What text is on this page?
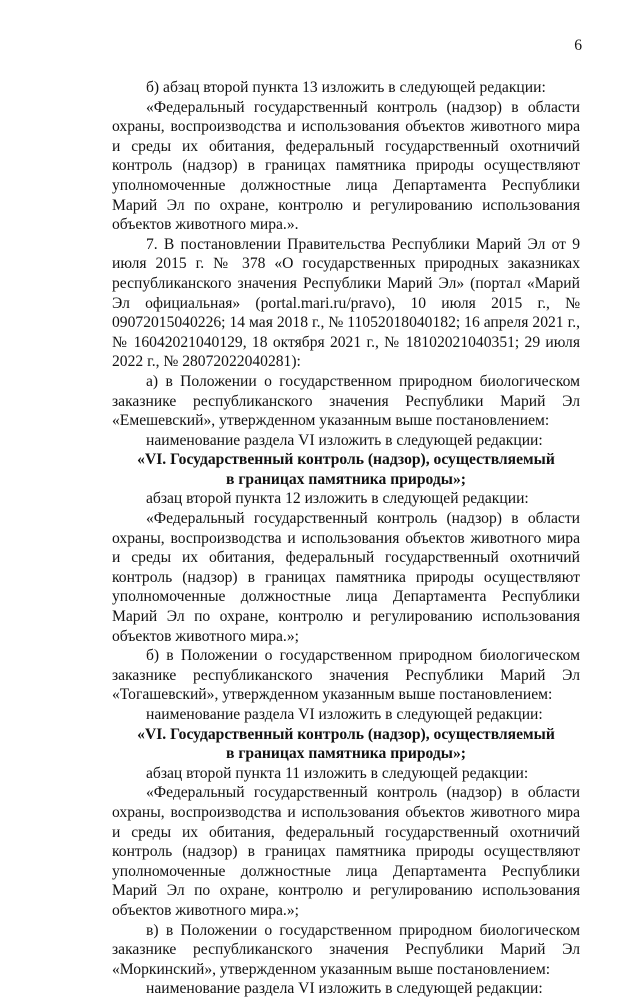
6

б) абзац второй пункта 13 изложить в следующей редакции:

«Федеральный государственный контроль (надзор) в области охраны, воспроизводства и использования объектов животного мира и среды их обитания, федеральный государственный охотничий контроль (надзор) в границах памятника природы осуществляют уполномоченные должностные лица Департамента Республики Марий Эл по охране, контролю и регулированию использования объектов животного мира.».

7. В постановлении Правительства Республики Марий Эл от 9 июля 2015 г. № 378 «О государственных природных заказниках республиканского значения Республики Марий Эл» (портал «Марий Эл официальная» (portal.mari.ru/pravo), 10 июля 2015 г., № 09072015040226; 14 мая 2018 г., № 11052018040182; 16 апреля 2021 г., № 16042021040129, 18 октября 2021 г., № 18102021040351; 29 июля 2022 г., № 28072022040281):

а) в Положении о государственном природном биологическом заказнике республиканского значения Республики Марий Эл «Емешевский», утвержденном указанным выше постановлением:

наименование раздела VI изложить в следующей редакции:

«VI. Государственный контроль (надзор), осуществляемый

в границах памятника природы»;

абзац второй пункта 12 изложить в следующей редакции:

«Федеральный государственный контроль (надзор) в области охраны, воспроизводства и использования объектов животного мира и среды их обитания, федеральный государственный охотничий контроль (надзор) в границах памятника природы осуществляют уполномоченные должностные лица Департамента Республики Марий Эл по охране, контролю и регулированию использования объектов животного мира.»;

б) в Положении о государственном природном биологическом заказнике республиканского значения Республики Марий Эл «Тогашевский», утвержденном указанным выше постановлением:

наименование раздела VI изложить в следующей редакции:

«VI. Государственный контроль (надзор), осуществляемый

в границах памятника природы»;

абзац второй пункта 11 изложить в следующей редакции:

«Федеральный государственный контроль (надзор) в области охраны, воспроизводства и использования объектов животного мира и среды их обитания, федеральный государственный охотничий контроль (надзор) в границах памятника природы осуществляют уполномоченные должностные лица Департамента Республики Марий Эл по охране, контролю и регулированию использования объектов животного мира.»;

в) в Положении о государственном природном биологическом заказнике республиканского значения Республики Марий Эл «Моркинский», утвержденном указанным выше постановлением:

наименование раздела VI изложить в следующей редакции:
